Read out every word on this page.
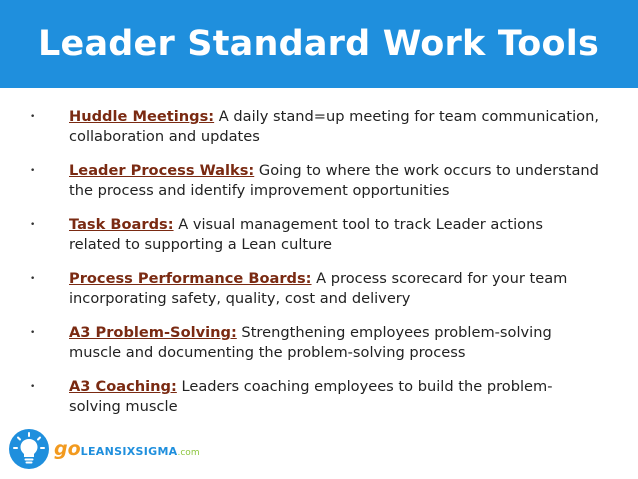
Leader Standard Work Tools
• Huddle Meetings: A daily stand=up meeting for team communication, collaboration and updates
• Leader Process Walks: Going to where the work occurs to understand the process and identify improvement opportunities
• Task Boards: A visual management tool to track Leader actions related to supporting a Lean culture
• Process Performance Boards: A process scorecard for your team incorporating safety, quality, cost and delivery
• A3 Problem-Solving: Strengthening employees problem-solving muscle and documenting the problem-solving process
• A3 Coaching: Leaders coaching employees to build the problem-solving muscle
go LEANSIXSIGMA .com
